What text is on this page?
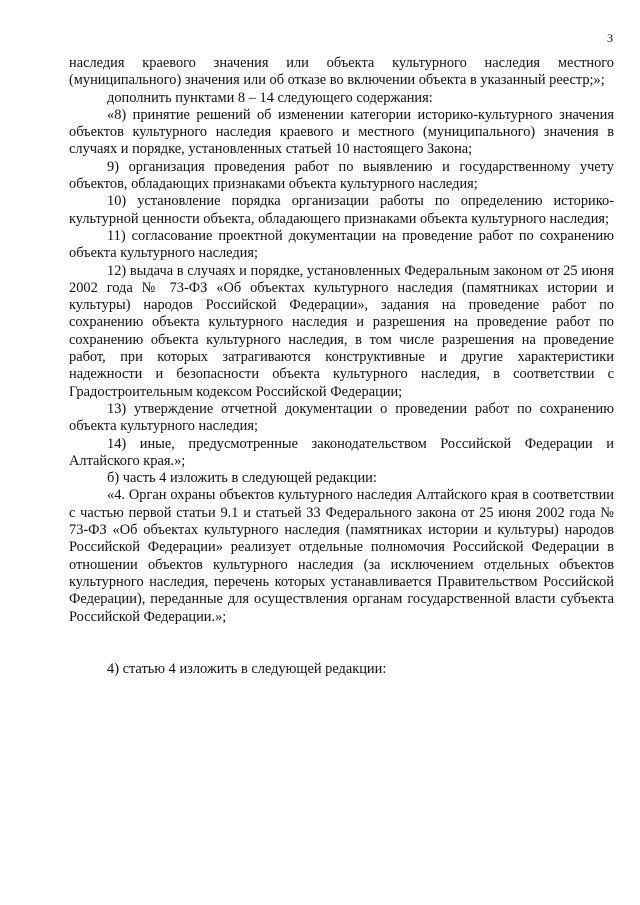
3

наследия краевого значения или объекта культурного наследия местного (муниципального) значения или об отказе во включении объекта в указанный реестр;»;

дополнить пунктами 8 – 14 следующего содержания:

«8) принятие решений об изменении категории историко-культурного значения объектов культурного наследия краевого и местного (муниципального) значения в случаях и порядке, установленных статьей 10 настоящего Закона;

9) организация проведения работ по выявлению и государственному учету объектов, обладающих признаками объекта культурного наследия;

10) установление порядка организации работы по определению историко-культурной ценности объекта, обладающего признаками объекта культурного наследия;

11) согласование проектной документации на проведение работ по сохранению объекта культурного наследия;

12) выдача в случаях и порядке, установленных Федеральным законом от 25 июня 2002 года № 73-ФЗ «Об объектах культурного наследия (памятниках истории и культуры) народов Российской Федерации», задания на проведение работ по сохранению объекта культурного наследия и разрешения на проведение работ по сохранению объекта культурного наследия, в том числе разрешения на проведение работ, при которых затрагиваются конструктивные и другие характеристики надежности и безопасности объекта культурного наследия, в соответствии с Градостроительным кодексом Российской Федерации;

13) утверждение отчетной документации о проведении работ по сохранению объекта культурного наследия;

14) иные, предусмотренные законодательством Российской Федерации и Алтайского края.»;

б) часть 4 изложить в следующей редакции:

«4. Орган охраны объектов культурного наследия Алтайского края в соответствии с частью первой статьи 9.1 и статьей 33 Федерального закона от 25 июня 2002 года № 73-ФЗ «Об объектах культурного наследия (памятниках истории и культуры) народов Российской Федерации» реализует отдельные полномочия Российской Федерации в отношении объектов культурного наследия (за исключением отдельных объектов культурного наследия, перечень которых устанавливается Правительством Российской Федерации), переданные для осуществления органам государственной власти субъекта Российской Федерации.»;

4) статью 4 изложить в следующей редакции:
